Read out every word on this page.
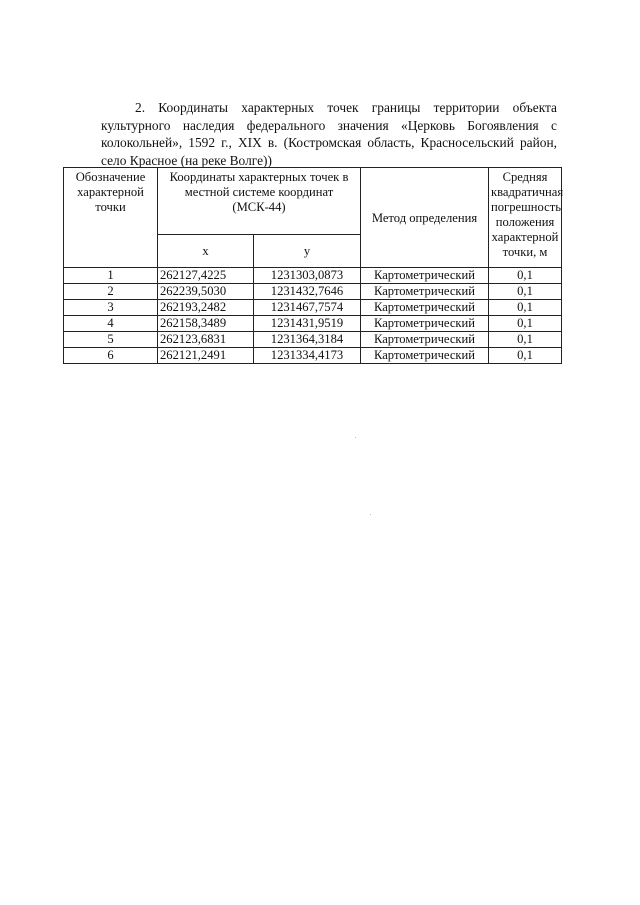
2. Координаты характерных точек границы территории объекта культурного наследия федерального значения «Церковь Богоявления с колокольней», 1592 г., XIX в. (Костромская область, Красносельский район, село Красное (на реке Волге))

Обозначение характерной точки	Координаты характерных точек в местной системе координат (МСК-44)		Метод определения	Средняя квадратичная погрешность положения характерной точки, м
	x	y		
1	262127,4225	1231303,0873	Картометрический	0,1
2	262239,5030	1231432,7646	Картометрический	0,1
3	262193,2482	1231467,7574	Картометрический	0,1
4	262158,3489	1231431,9519	Картометрический	0,1
5	262123,6831	1231364,3184	Картометрический	0,1
6	262121,2491	1231334,4173	Картометрический	0,1
